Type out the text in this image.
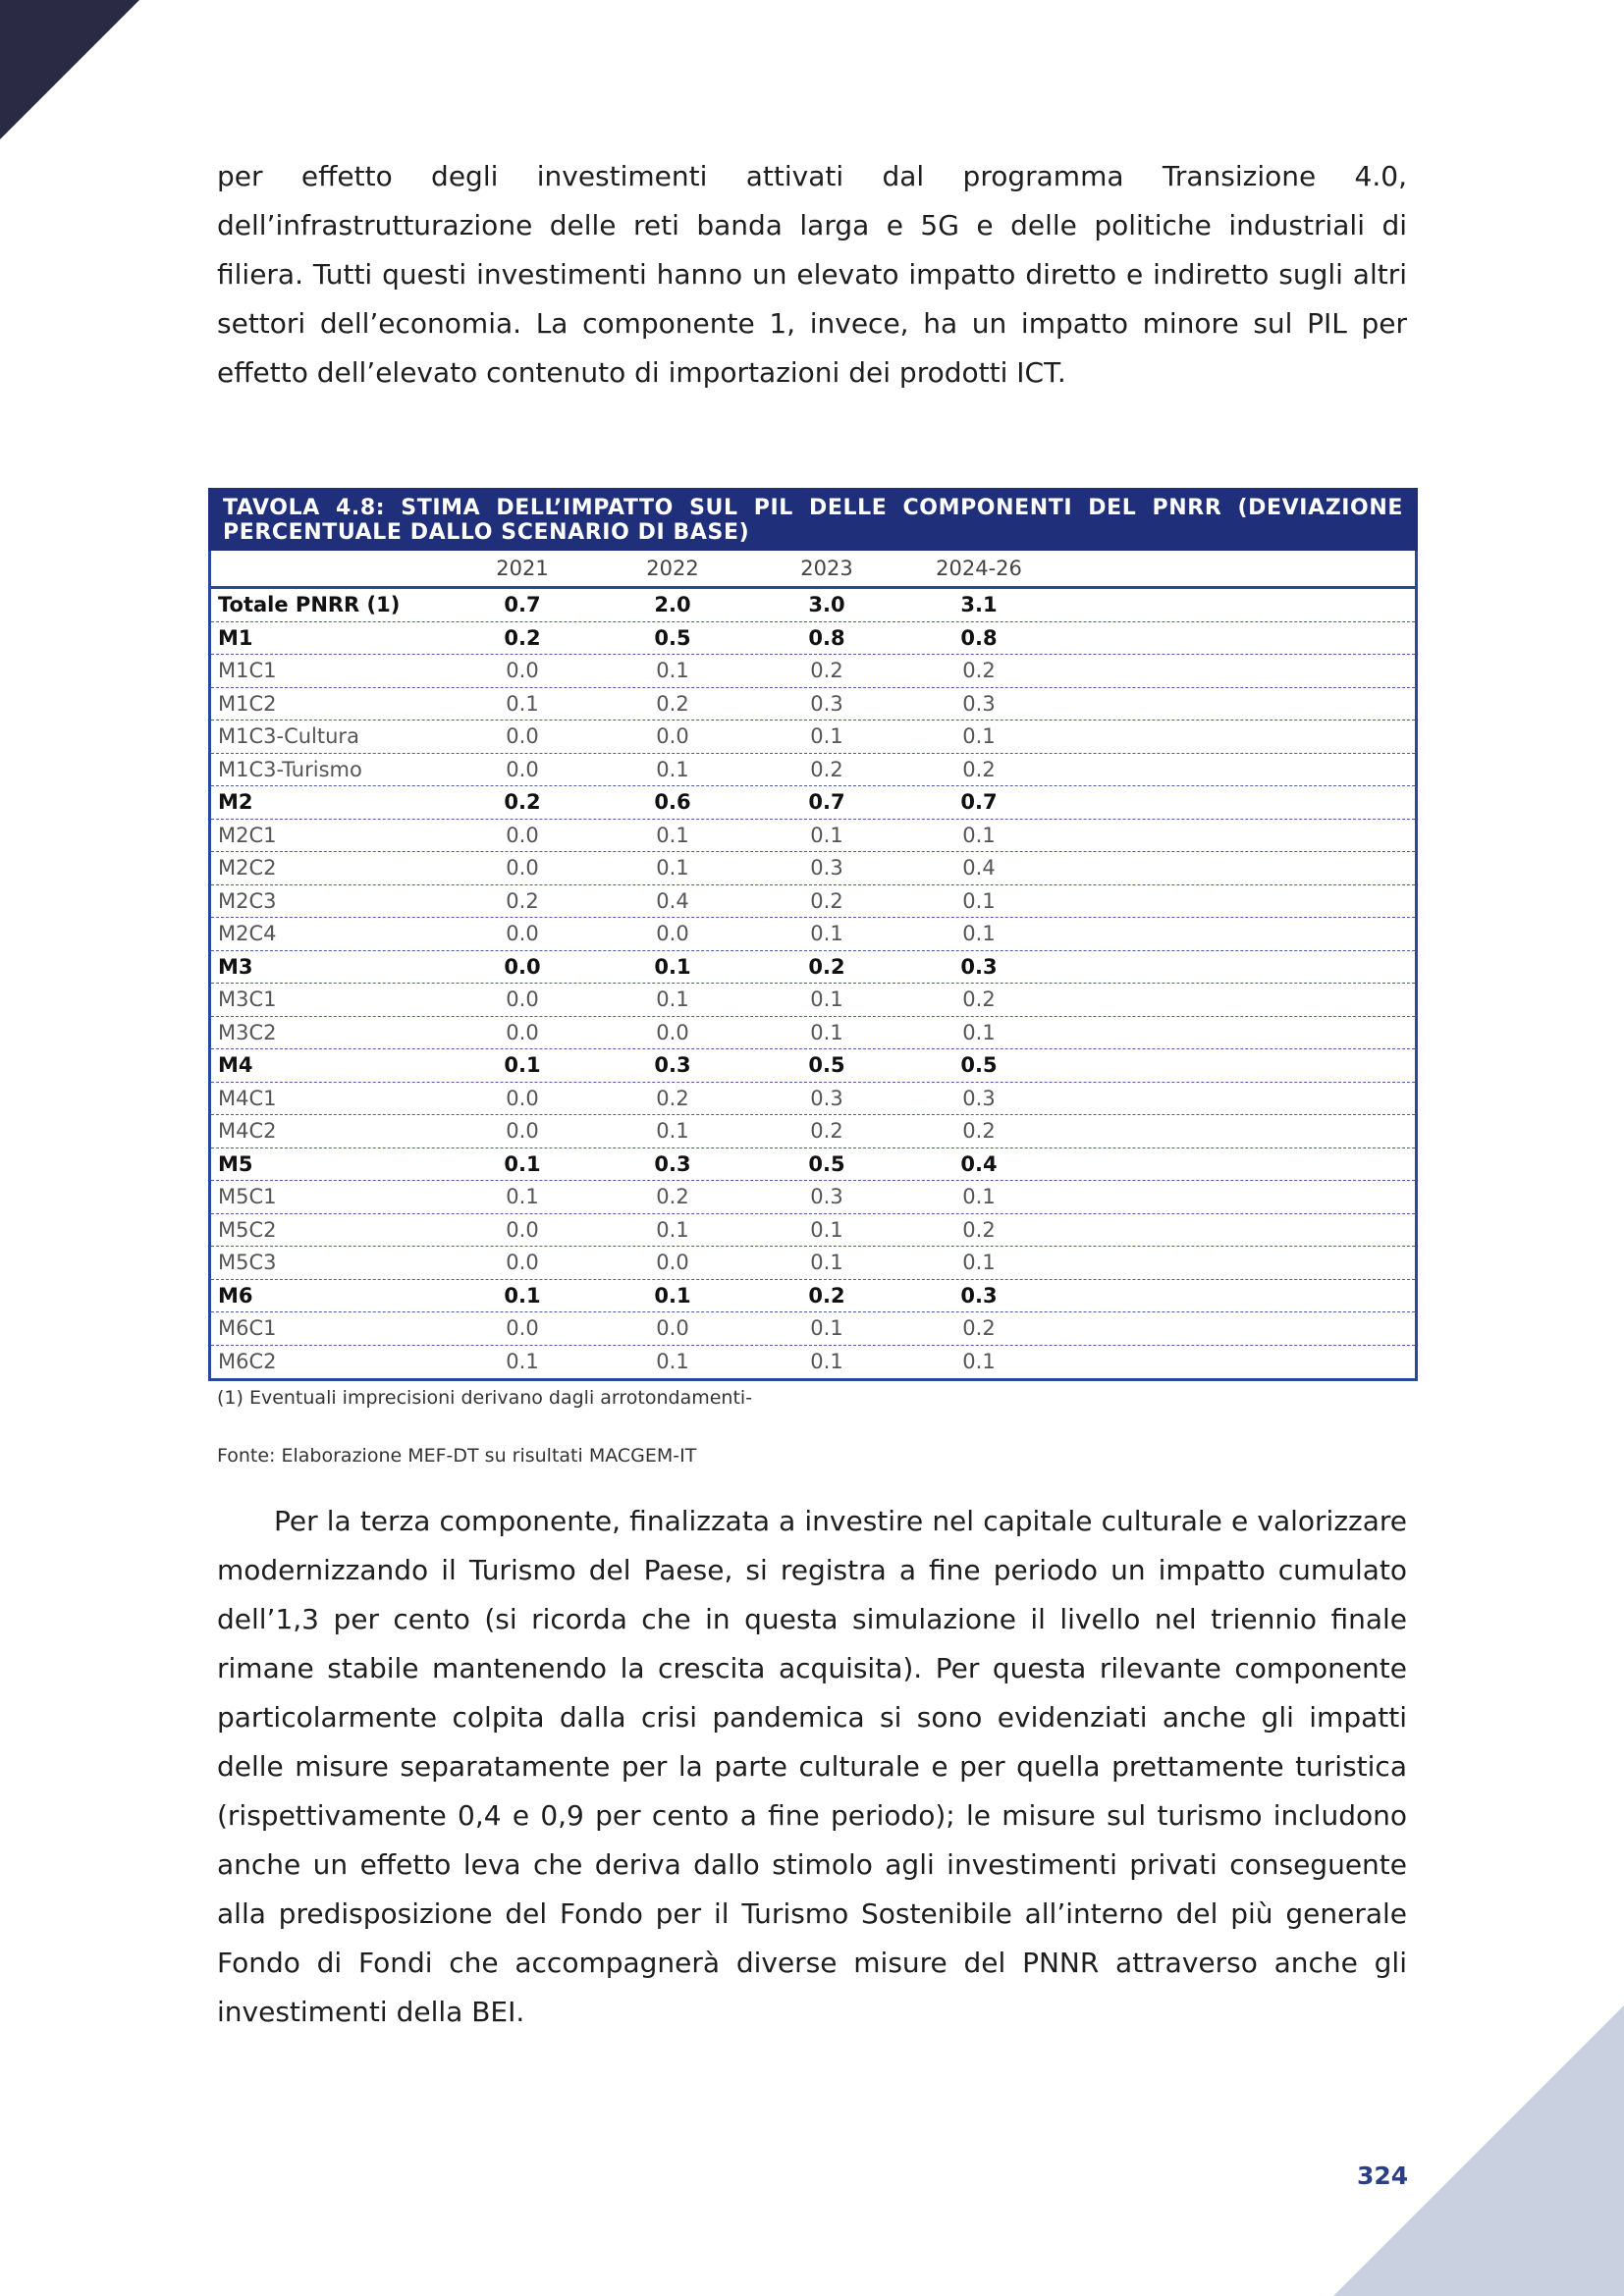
per effetto degli investimenti attivati dal programma Transizione 4.0, dell’infrastrutturazione delle reti banda larga e 5G e delle politiche industriali di filiera. Tutti questi investimenti hanno un elevato impatto diretto e indiretto sugli altri settori dell’economia. La componente 1, invece, ha un impatto minore sul PIL per effetto dell’elevato contenuto di importazioni dei prodotti ICT.

TAVOLA 4.8: STIMA DELL’IMPATTO SUL PIL DELLE COMPONENTI DEL PNRR (DEVIAZIONE PERCENTUALE DALLO SCENARIO DI BASE)
2021	2022	2023	2024-26
Totale PNRR (1)	0.7	2.0	3.0	3.1
M1	0.2	0.5	0.8	0.8
M1C1	0.0	0.1	0.2	0.2
M1C2	0.1	0.2	0.3	0.3
M1C3-Cultura	0.0	0.0	0.1	0.1
M1C3-Turismo	0.0	0.1	0.2	0.2
M2	0.2	0.6	0.7	0.7
M2C1	0.0	0.1	0.1	0.1
M2C2	0.0	0.1	0.3	0.4
M2C3	0.2	0.4	0.2	0.1
M2C4	0.0	0.0	0.1	0.1
M3	0.0	0.1	0.2	0.3
M3C1	0.0	0.1	0.1	0.2
M3C2	0.0	0.0	0.1	0.1
M4	0.1	0.3	0.5	0.5
M4C1	0.0	0.2	0.3	0.3
M4C2	0.0	0.1	0.2	0.2
M5	0.1	0.3	0.5	0.4
M5C1	0.1	0.2	0.3	0.1
M5C2	0.0	0.1	0.1	0.2
M5C3	0.0	0.0	0.1	0.1
M6	0.1	0.1	0.2	0.3
M6C1	0.0	0.0	0.1	0.2
M6C2	0.1	0.1	0.1	0.1

(1) Eventuali imprecisioni derivano dagli arrotondamenti-

Fonte: Elaborazione MEF-DT su risultati MACGEM-IT

Per la terza componente, finalizzata a investire nel capitale culturale e valorizzare modernizzando il Turismo del Paese, si registra a fine periodo un impatto cumulato dell’1,3 per cento (si ricorda che in questa simulazione il livello nel triennio finale rimane stabile mantenendo la crescita acquisita). Per questa rilevante componente particolarmente colpita dalla crisi pandemica si sono evidenziati anche gli impatti delle misure separatamente per la parte culturale e per quella prettamente turistica (rispettivamente 0,4 e 0,9 per cento a fine periodo); le misure sul turismo includono anche un effetto leva che deriva dallo stimolo agli investimenti privati conseguente alla predisposizione del Fondo per il Turismo Sostenibile all’interno del più generale Fondo di Fondi che accompagnerà diverse misure del PNNR attraverso anche gli investimenti della BEI.

324
